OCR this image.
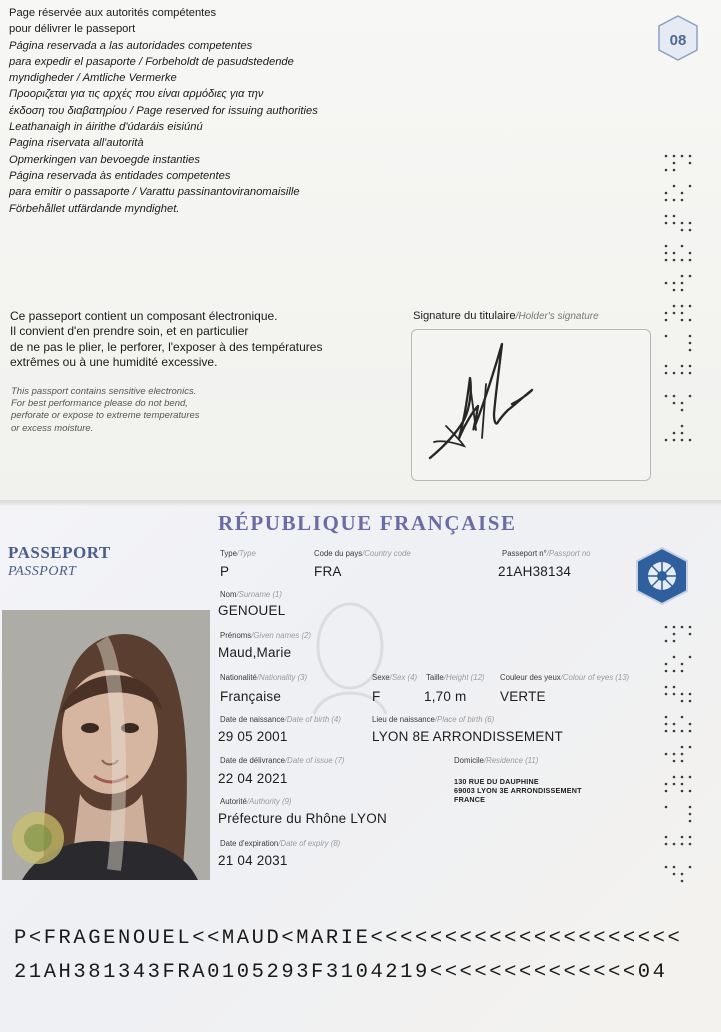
Page réservée aux autorités compétentes
pour délivrer le passeport
Página reservada a las autoridades competentes
para expedir el pasaporte / Forbeholdt de pasudstedende
myndigheder / Amtliche Vermerke
Προοριζεται για τις αρχές που είναι αρμόδιες για την
έκδοση του διαβατηρίου / Page reserved for issuing authorities
Leathanaigh in áirithe d'údaráis eisiúnú
Pagina riservata all'autorità
Opmerkingen van bevoegde instanties
Página reservada às entidades competentes
para emitir o passaporte / Varattu passinantoviranomaisille
Förbehållet utfärdande myndighet.
08
Ce passeport contient un composant électronique.
Il convient d'en prendre soin, et en particulier
de ne pas le plier, le perforer, l'exposer à des températures
extrêmes ou à une humidité excessive.
This passport contains sensitive electronics.
For best performance please do not bend,
perforate or expose to extreme temperatures
or excess moisture.
Signature du titulaire/Holder's signature
RÉPUBLIQUE FRANÇAISE
PASSEPORT
PASSPORT
Type/Type
P
Code du pays/Country code
FRA
Passeport n°/Passport no
21AH38134
Nom/Surname (1)
GENOUEL
Prénoms/Given names (2)
Maud,Marie
Nationalité/Nationality (3)
Française
Sexe/Sex (4)
F
Taille/Height (12)
1,70 m
Couleur des yeux/Colour of eyes (13)
VERTE
Date de naissance/Date of birth (4)
29 05 2001
Lieu de naissance/Place of birth (6)
LYON 8E ARRONDISSEMENT
Date de délivrance/Date of issue (7)
22 04 2021
Domicile/Residence (11)
130 RUE DU DAUPHINE
69003 LYON 3E ARRONDISSEMENT
FRANCE
Autorité/Authority (9)
Préfecture du Rhône LYON
Date d'expiration/Date of expiry (8)
21 04 2031
P<FRAGENOUEL<<MAUD<MARIE<<<<<<<<<<<<<<<<<<<<<
21AH381343FRA0105293F3104219<<<<<<<<<<<<<<04
